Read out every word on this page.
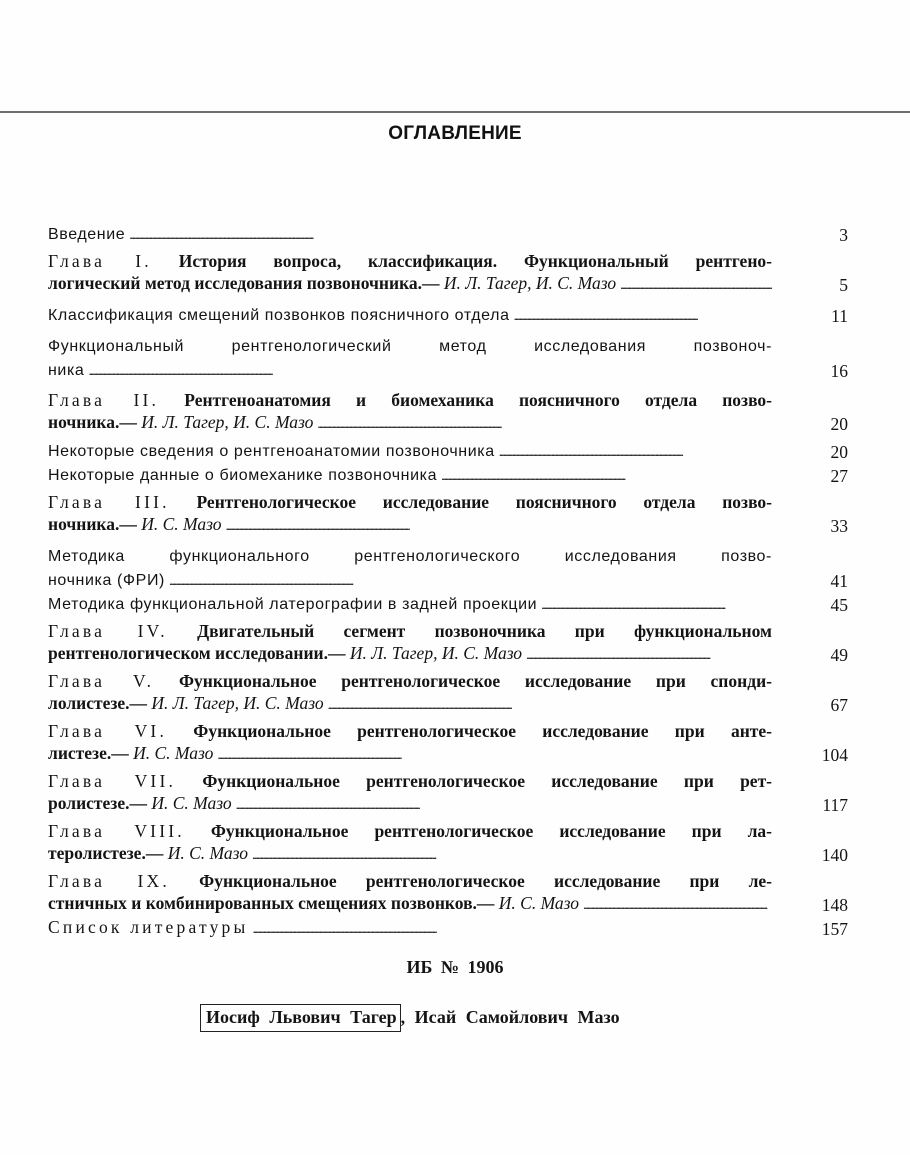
ОГЛАВЛЕНИЕ
Введение . . .	3
Глава I. История вопроса, классификация. Функциональный рентгено-
логический метод исследования позвоночника.— И. Л. Тагер, И. С. Мазо . . .	5
Классификация смещений позвонков поясничного отдела . . .	11
Функциональный рентгенологический метод исследования позвоноч-
ника . . .	16
Глава II. Рентгеноанатомия и биомеханика поясничного отдела позво-
ночника.— И. Л. Тагер, И. С. Мазо . . .	20
Некоторые сведения о рентгеноанатомии позвоночника . . .	20
Некоторые данные о биомеханике позвоночника . . .	27
Глава III. Рентгенологическое исследование поясничного отдела позво-
ночника.— И. С. Мазо . . .	33
Методика функционального рентгенологического исследования позво-
ночника (ФРИ) . . .	41
Методика функциональной латерографии в задней проекции . . .	45
Глава IV. Двигательный сегмент позвоночника при функциональном
рентгенологическом исследовании.— И. Л. Тагер, И. С. Мазо . . .	49
Глава V. Функциональное рентгенологическое исследование при спонди-
лолистезе.— И. Л. Тагер, И. С. Мазо . . .	67
Глава VI. Функциональное рентгенологическое исследование при анте-
листезе.— И. С. Мазо . . .	104
Глава VII. Функциональное рентгенологическое исследование при рет-
ролистезе.— И. С. Мазо . . .	117
Глава VIII. Функциональное рентгенологическое исследование при ла-
теролистезе.— И. С. Мазо . . .	140
Глава IX. Функциональное рентгенологическое исследование при ле-
стничных и комбинированных смещениях позвонков.— И. С. Мазо . . .	148
Список литературы . . .	157
ИБ № 1906
Иосиф Львович Тагер , Исай Самойлович Мазо
